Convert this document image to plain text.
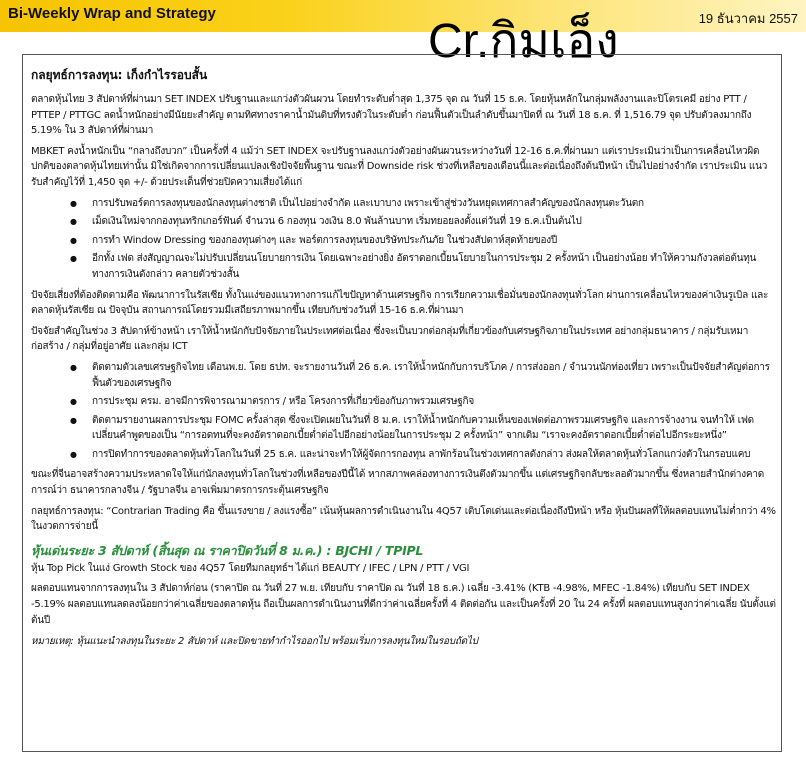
Bi-Weekly Wrap and Strategy	19 ธันวาคม 2557
Cr.กิมเอ็ง
กลยุทธ์การลงทุน: เก็งกำไรรอบสั้น

ตลาดหุ้นไทย 3 สัปดาห์ที่ผ่านมา SET INDEX ปรับฐานและแกว่งตัวผันผวน โดยทำระดับต่ำสุด 1,375 จุด ณ วันที่ 15 ธ.ค. โดยหุ้นหลักในกลุ่มพลังงานและปิโตรเคมี อย่าง PTT / PTTEP / PTTGC ลดน้ำหนักอย่างมีนัยยะสำคัญ ตามทิศทางราคาน้ำมันดิบที่ทรงตัวในระดับต่ำ ก่อนฟื้นตัวเป็นลำดับขึ้นมาปิดที่ ณ วันที่ 18 ธ.ค. ที่ 1,516.79 จุด ปรับตัวลงมากถึง 5.19% ใน 3 สัปดาห์ที่ผ่านมา

MBKET คงน้ำหนักเป็น “กลางถึงบวก” เป็นครั้งที่ 4 แม้ว่า SET INDEX จะปรับฐานลงแกว่งตัวอย่างผันผวนระหว่างวันที่ 12-16 ธ.ค.ที่ผ่านมา แต่เราประเมินว่าเป็นการเคลื่อนไหวผิดปกติของตลาดหุ้นไทยเท่านั้น มิใช่เกิดจากการเปลี่ยนแปลงเชิงปัจจัยพื้นฐาน ขณะที่ Downside risk ช่วงที่เหลือของเดือนนี้และต่อเนื่องถึงต้นปีหน้า เป็นไปอย่างจำกัด เราประเมิน แนวรับสำคัญไว้ที่ 1,450 จุด +/- ด้วยประเด็นที่ช่วยปิดความเสี่ยงได้แก่

● การปรับพอร์ตการลงทุนของนักลงทุนต่างชาติ เป็นไปอย่างจำกัด และเบาบาง เพราะเข้าสู่ช่วงวันหยุดเทศกาลสำคัญของนักลงทุนตะวันตก
● เม็ดเงินใหม่จากกองทุนทริกเกอร์ฟันด์ จำนวน 6 กองทุน วงเงิน 8.0 พันล้านบาท เริ่มทยอยลงตั้งแต่วันที่ 19 ธ.ค.เป็นต้นไป
● การทำ Window Dressing ของกองทุนต่างๆ และ พอร์ตการลงทุนของบริษัทประกันภัย ในช่วงสัปดาห์สุดท้ายของปี
● อีกทั้ง เฟด ส่งสัญญาณจะไม่ปรับเปลี่ยนนโยบายการเงิน โดยเฉพาะอย่างยิ่ง อัตราดอกเบี้ยนโยบายในการประชุม 2 ครั้งหน้า เป็นอย่างน้อย ทำให้ความกังวลต่อต้นทุนทางการเงินดังกล่าว คลายตัวช่วงสั้น

ปัจจัยเสี่ยงที่ต้องติดตามคือ พัฒนาการในรัสเซีย ทั้งในแง่ของแนวทางการแก้ไขปัญหาด้านเศรษฐกิจ การเรียกความเชื่อมั่นของนักลงทุนทั่วโลก ผ่านการเคลื่อนไหวของค่าเงินรูเบิล และ ตลาดหุ้นรัสเซีย ณ ปัจจุบัน สถานการณ์โดยรวมมีเสถียรภาพมากขึ้น เทียบกับช่วงวันที่ 15-16 ธ.ค.ที่ผ่านมา

ปัจจัยสำคัญในช่วง 3 สัปดาห์ข้างหน้า เราให้น้ำหนักกับปัจจัยภายในประเทศต่อเนื่อง ซึ่งจะเป็นบวกต่อกลุ่มที่เกี่ยวข้องกับเศรษฐกิจภายในประเทศ อย่างกลุ่มธนาคาร / กลุ่มรับเหมาก่อสร้าง / กลุ่มที่อยู่อาศัย และกลุ่ม ICT

● ติดตามตัวเลขเศรษฐกิจไทย เดือนพ.ย. โดย ธปท. จะรายงานวันที่ 26 ธ.ค. เราให้น้ำหนักกับการบริโภค / การส่งออก / จำนวนนักท่องเที่ยว เพราะเป็นปัจจัยสำคัญต่อการฟื้นตัวของเศรษฐกิจ
● การประชุม ครม. อาจมีการพิจารณามาตรการ / หรือ โครงการที่เกี่ยวข้องกับภาพรวมเศรษฐกิจ
● ติดตามรายงานผลการประชุม FOMC ครั้งล่าสุด ซึ่งจะเปิดเผยในวันที่ 8 ม.ค. เราให้น้ำหนักกับความเห็นของเฟดต่อภาพรวมเศรษฐกิจ และการจ้างงาน จนทำให้ เฟดเปลี่ยนคำพูดของเป็น “การอดทนที่จะคงอัตราดอกเบี้ยต่ำต่อไปอีกอย่างน้อยในการประชุม 2 ครั้งหน้า” จากเดิม “เราจะคงอัตราดอกเบี้ยต่ำต่อไปอีกระยะหนึ่ง”
● การปิดทำการของตลาดหุ้นทั่วโลกในวันที่ 25 ธ.ค. และน่าจะทำให้ผู้จัดการกองทุน ลาพักร้อนในช่วงเทศกาลดังกล่าว ส่งผลให้ตลาดหุ้นทั่วโลกแกว่งตัวในกรอบแคบ

ขณะที่จีนอาจสร้างความประหลาดใจให้แก่นักลงทุนทั่วโลกในช่วงที่เหลือของปีนี้ได้ หากสภาพคล่องทางการเงินตึงตัวมากขึ้น แต่เศรษฐกิจกลับชะลอตัวมากขึ้น ซึ่งหลายสำนักต่างคาดการณ์ว่า ธนาคารกลางจีน / รัฐบาลจีน อาจเพิ่มมาตรการกระตุ้นเศรษฐกิจ

กลยุทธ์การลงทุน: “Contrarian Trading คือ ขึ้นแรงขาย / ลงแรงซื้อ” เน้นหุ้นผลการดำเนินงานใน 4Q57 เติบโตเด่นและต่อเนื่องถึงปีหน้า หรือ หุ้นปันผลที่ให้ผลตอบแทนไม่ต่ำกว่า 4% ในงวดการจ่ายนี้

หุ้นเด่นระยะ 3 สัปดาห์ (สิ้นสุด ณ ราคาปิดวันที่ 8 ม.ค.) : BJCHI / TPIPL

หุ้น Top Pick ในแง่ Growth Stock ของ 4Q57 โดยทีมกลยุทธ์ฯ ได้แก่ BEAUTY / IFEC / LPN / PTT / VGI

ผลตอบแทนจากการลงทุนใน 3 สัปดาห์ก่อน (ราคาปิด ณ วันที่ 27 พ.ย. เทียบกับ ราคาปิด ณ วันที่ 18 ธ.ค.) เฉลี่ย -3.41% (KTB -4.98%, MFEC -1.84%) เทียบกับ SET INDEX -5.19% ผลตอบแทนลดลงน้อยกว่าค่าเฉลี่ยของตลาดหุ้น ถือเป็นผลการดำเนินงานที่ดีกว่าค่าเฉลี่ยครั้งที่ 4 ติดต่อกัน และเป็นครั้งที่ 20 ใน 24 ครั้งที่ ผลตอบแทนสูงกว่าค่าเฉลี่ย นับตั้งแต่ต้นปี

หมายเหตุ: หุ้นแนะนำลงทุนในระยะ 2 สัปดาห์ และปิดขายทำกำไรออกไป พร้อมเริ่มการลงทุนใหม่ในรอบถัดไป
